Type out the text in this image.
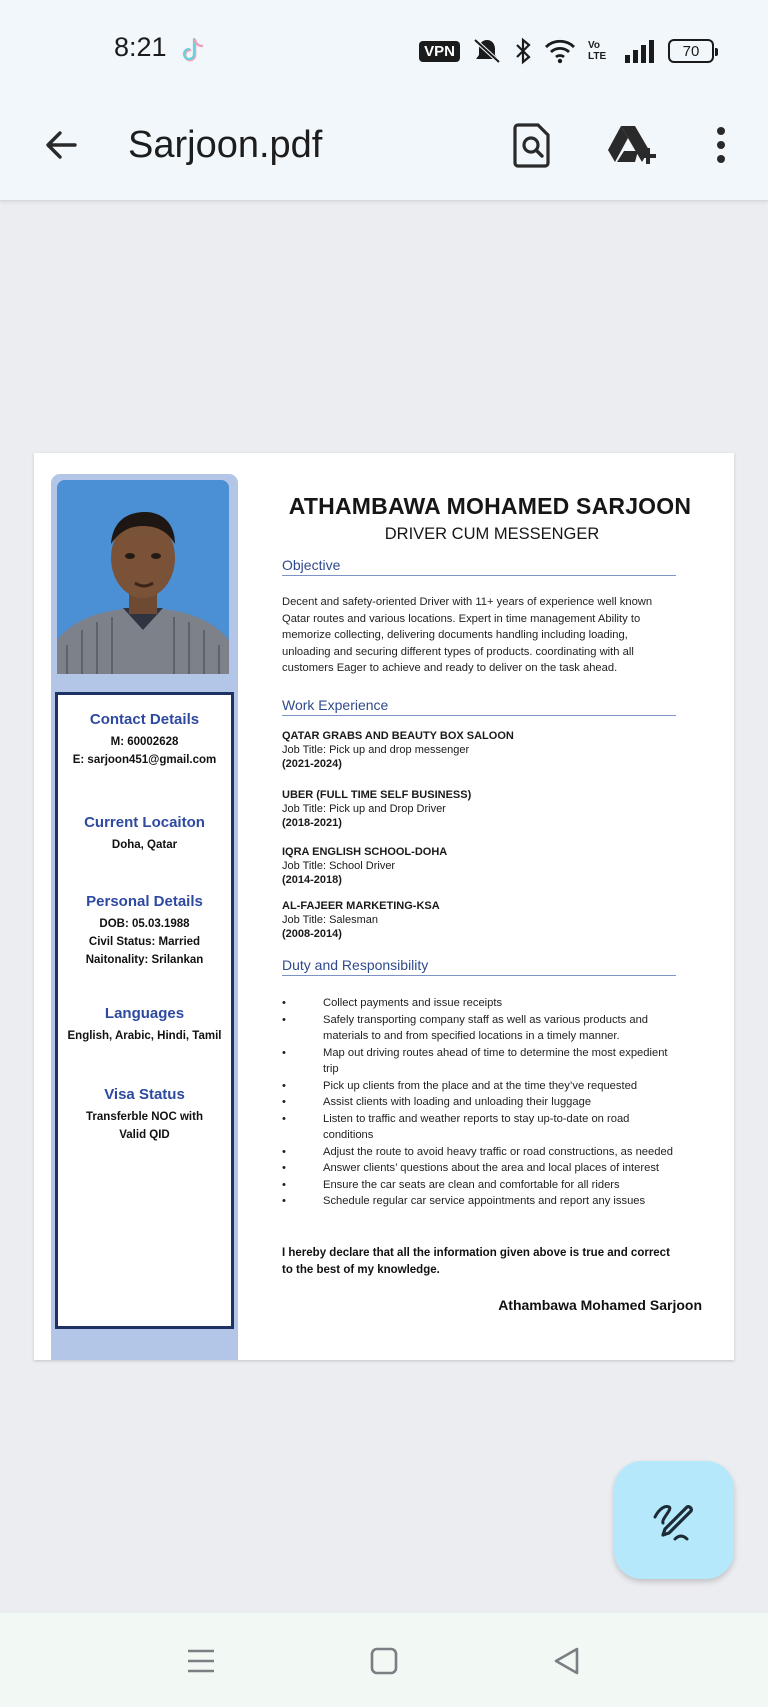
8:21	VPN	Vo LTE	70
Sarjoon.pdf
Contact Details
M: 60002628
E: sarjoon451@gmail.com
Current Locaiton
Doha, Qatar
Personal Details
DOB: 05.03.1988
Civil Status: Married
Naitonality: Srilankan
Languages
English, Arabic, Hindi, Tamil
Visa Status
Transferble NOC with
Valid QID
ATHAMBAWA MOHAMED SARJOON
DRIVER CUM MESSENGER
Objective
Decent and safety-oriented Driver with 11+ years of experience well known Qatar routes and various locations. Expert in time management Ability to memorize collecting, delivering documents handling including loading, unloading and securing different types of products. coordinating with all customers Eager to achieve and ready to deliver on the task ahead.
Work Experience
QATAR GRABS AND BEAUTY BOX SALOON
Job Title: Pick up and drop messenger
(2021-2024)
UBER (FULL TIME SELF BUSINESS)
Job Title: Pick up and Drop Driver
(2018-2021)
IQRA ENGLISH SCHOOL-DOHA
Job Title: School Driver
(2014-2018)
AL-FAJEER MARKETING-KSA
Job Title: Salesman
(2008-2014)
Duty and Responsibility
• Collect payments and issue receipts
• Safely transporting company staff as well as various products and materials to and from specified locations in a timely manner.
• Map out driving routes ahead of time to determine the most expedient trip
• Pick up clients from the place and at the time they’ve requested
• Assist clients with loading and unloading their luggage
• Listen to traffic and weather reports to stay up-to-date on road conditions
• Adjust the route to avoid heavy traffic or road constructions, as needed
• Answer clients’ questions about the area and local places of interest
• Ensure the car seats are clean and comfortable for all riders
• Schedule regular car service appointments and report any issues
I hereby declare that all the information given above is true and correct to the best of my knowledge.
Athambawa Mohamed Sarjoon
